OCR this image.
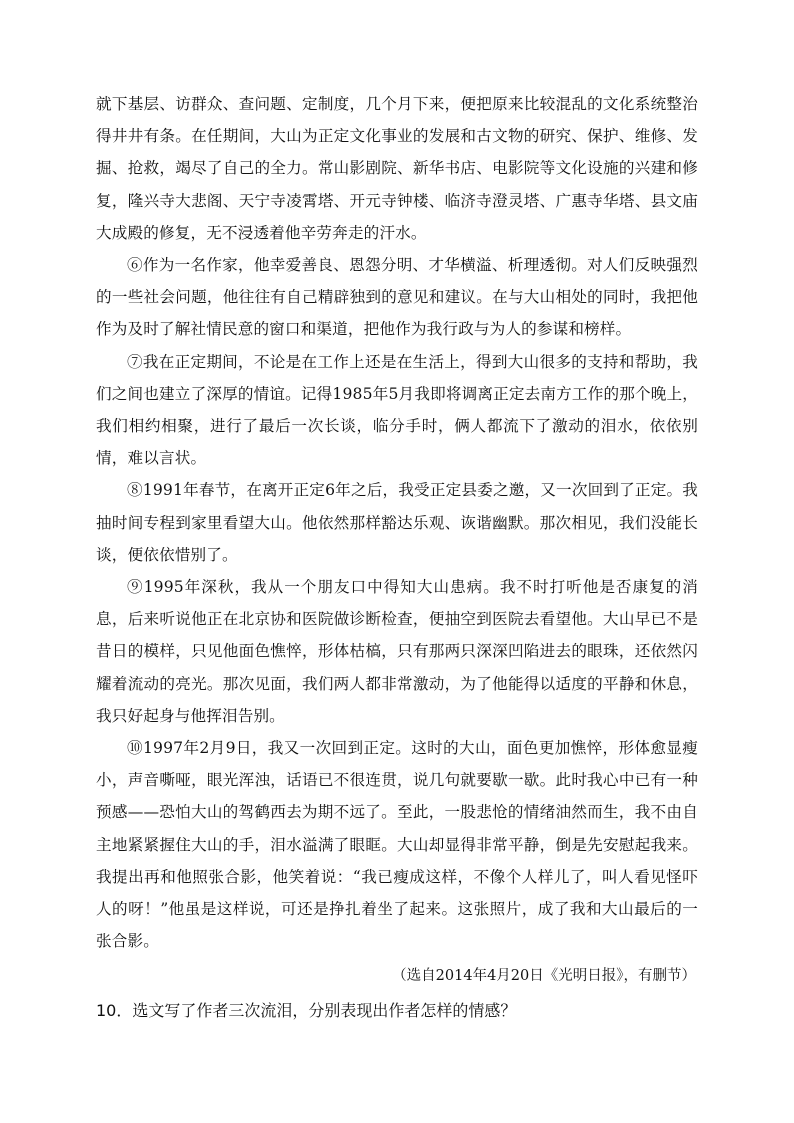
就下基层、访群众、查问题、定制度，几个月下来，便把原来比较混乱的文化系统整治得井井有条。在任期间，大山为正定文化事业的发展和古文物的研究、保护、维修、发掘、抢救，竭尽了自己的全力。常山影剧院、新华书店、电影院等文化设施的兴建和修复，隆兴寺大悲阁、天宁寺凌霄塔、开元寺钟楼、临济寺澄灵塔、广惠寺华塔、县文庙大成殿的修复，无不浸透着他辛劳奔走的汗水。

⑥作为一名作家，他幸爱善良、恩怨分明、才华横溢、析理透彻。对人们反映强烈的一些社会问题，他往往有自己精辟独到的意见和建议。在与大山相处的同时，我把他作为及时了解社情民意的窗口和渠道，把他作为我行政与为人的参谋和榜样。

⑦我在正定期间，不论是在工作上还是在生活上，得到大山很多的支持和帮助，我们之间也建立了深厚的情谊。记得1985年5月我即将调离正定去南方工作的那个晚上，我们相约相聚，进行了最后一次长谈，临分手时，俩人都流下了激动的泪水，依依别情，难以言状。

⑧1991年春节，在离开正定6年之后，我受正定县委之邀，又一次回到了正定。我抽时间专程到家里看望大山。他依然那样豁达乐观、诙谐幽默。那次相见，我们没能长谈，便依依惜别了。

⑨1995年深秋，我从一个朋友口中得知大山患病。我不时打听他是否康复的消息，后来听说他正在北京协和医院做诊断检查，便抽空到医院去看望他。大山早已不是昔日的模样，只见他面色憔悴，形体枯槁，只有那两只深深凹陷进去的眼珠，还依然闪耀着流动的亮光。那次见面，我们两人都非常激动，为了他能得以适度的平静和休息，我只好起身与他挥泪告别。

⑩1997年2月9日，我又一次回到正定。这时的大山，面色更加憔悴，形体愈显瘦小，声音嘶哑，眼光浑浊，话语已不很连贯，说几句就要歇一歇。此时我心中已有一种预感——恐怕大山的驾鹤西去为期不远了。至此，一股悲怆的情绪油然而生，我不由自主地紧紧握住大山的手，泪水溢满了眼眶。大山却显得非常平静，倒是先安慰起我来。我提出再和他照张合影，他笑着说：“我已瘦成这样，不像个人样儿了，叫人看见怪吓人的呀！”他虽是这样说，可还是挣扎着坐了起来。这张照片，成了我和大山最后的一张合影。

（选自2014年4月20日《光明日报》，有删节）
10．选文写了作者三次流泪，分别表现出作者怎样的情感？
